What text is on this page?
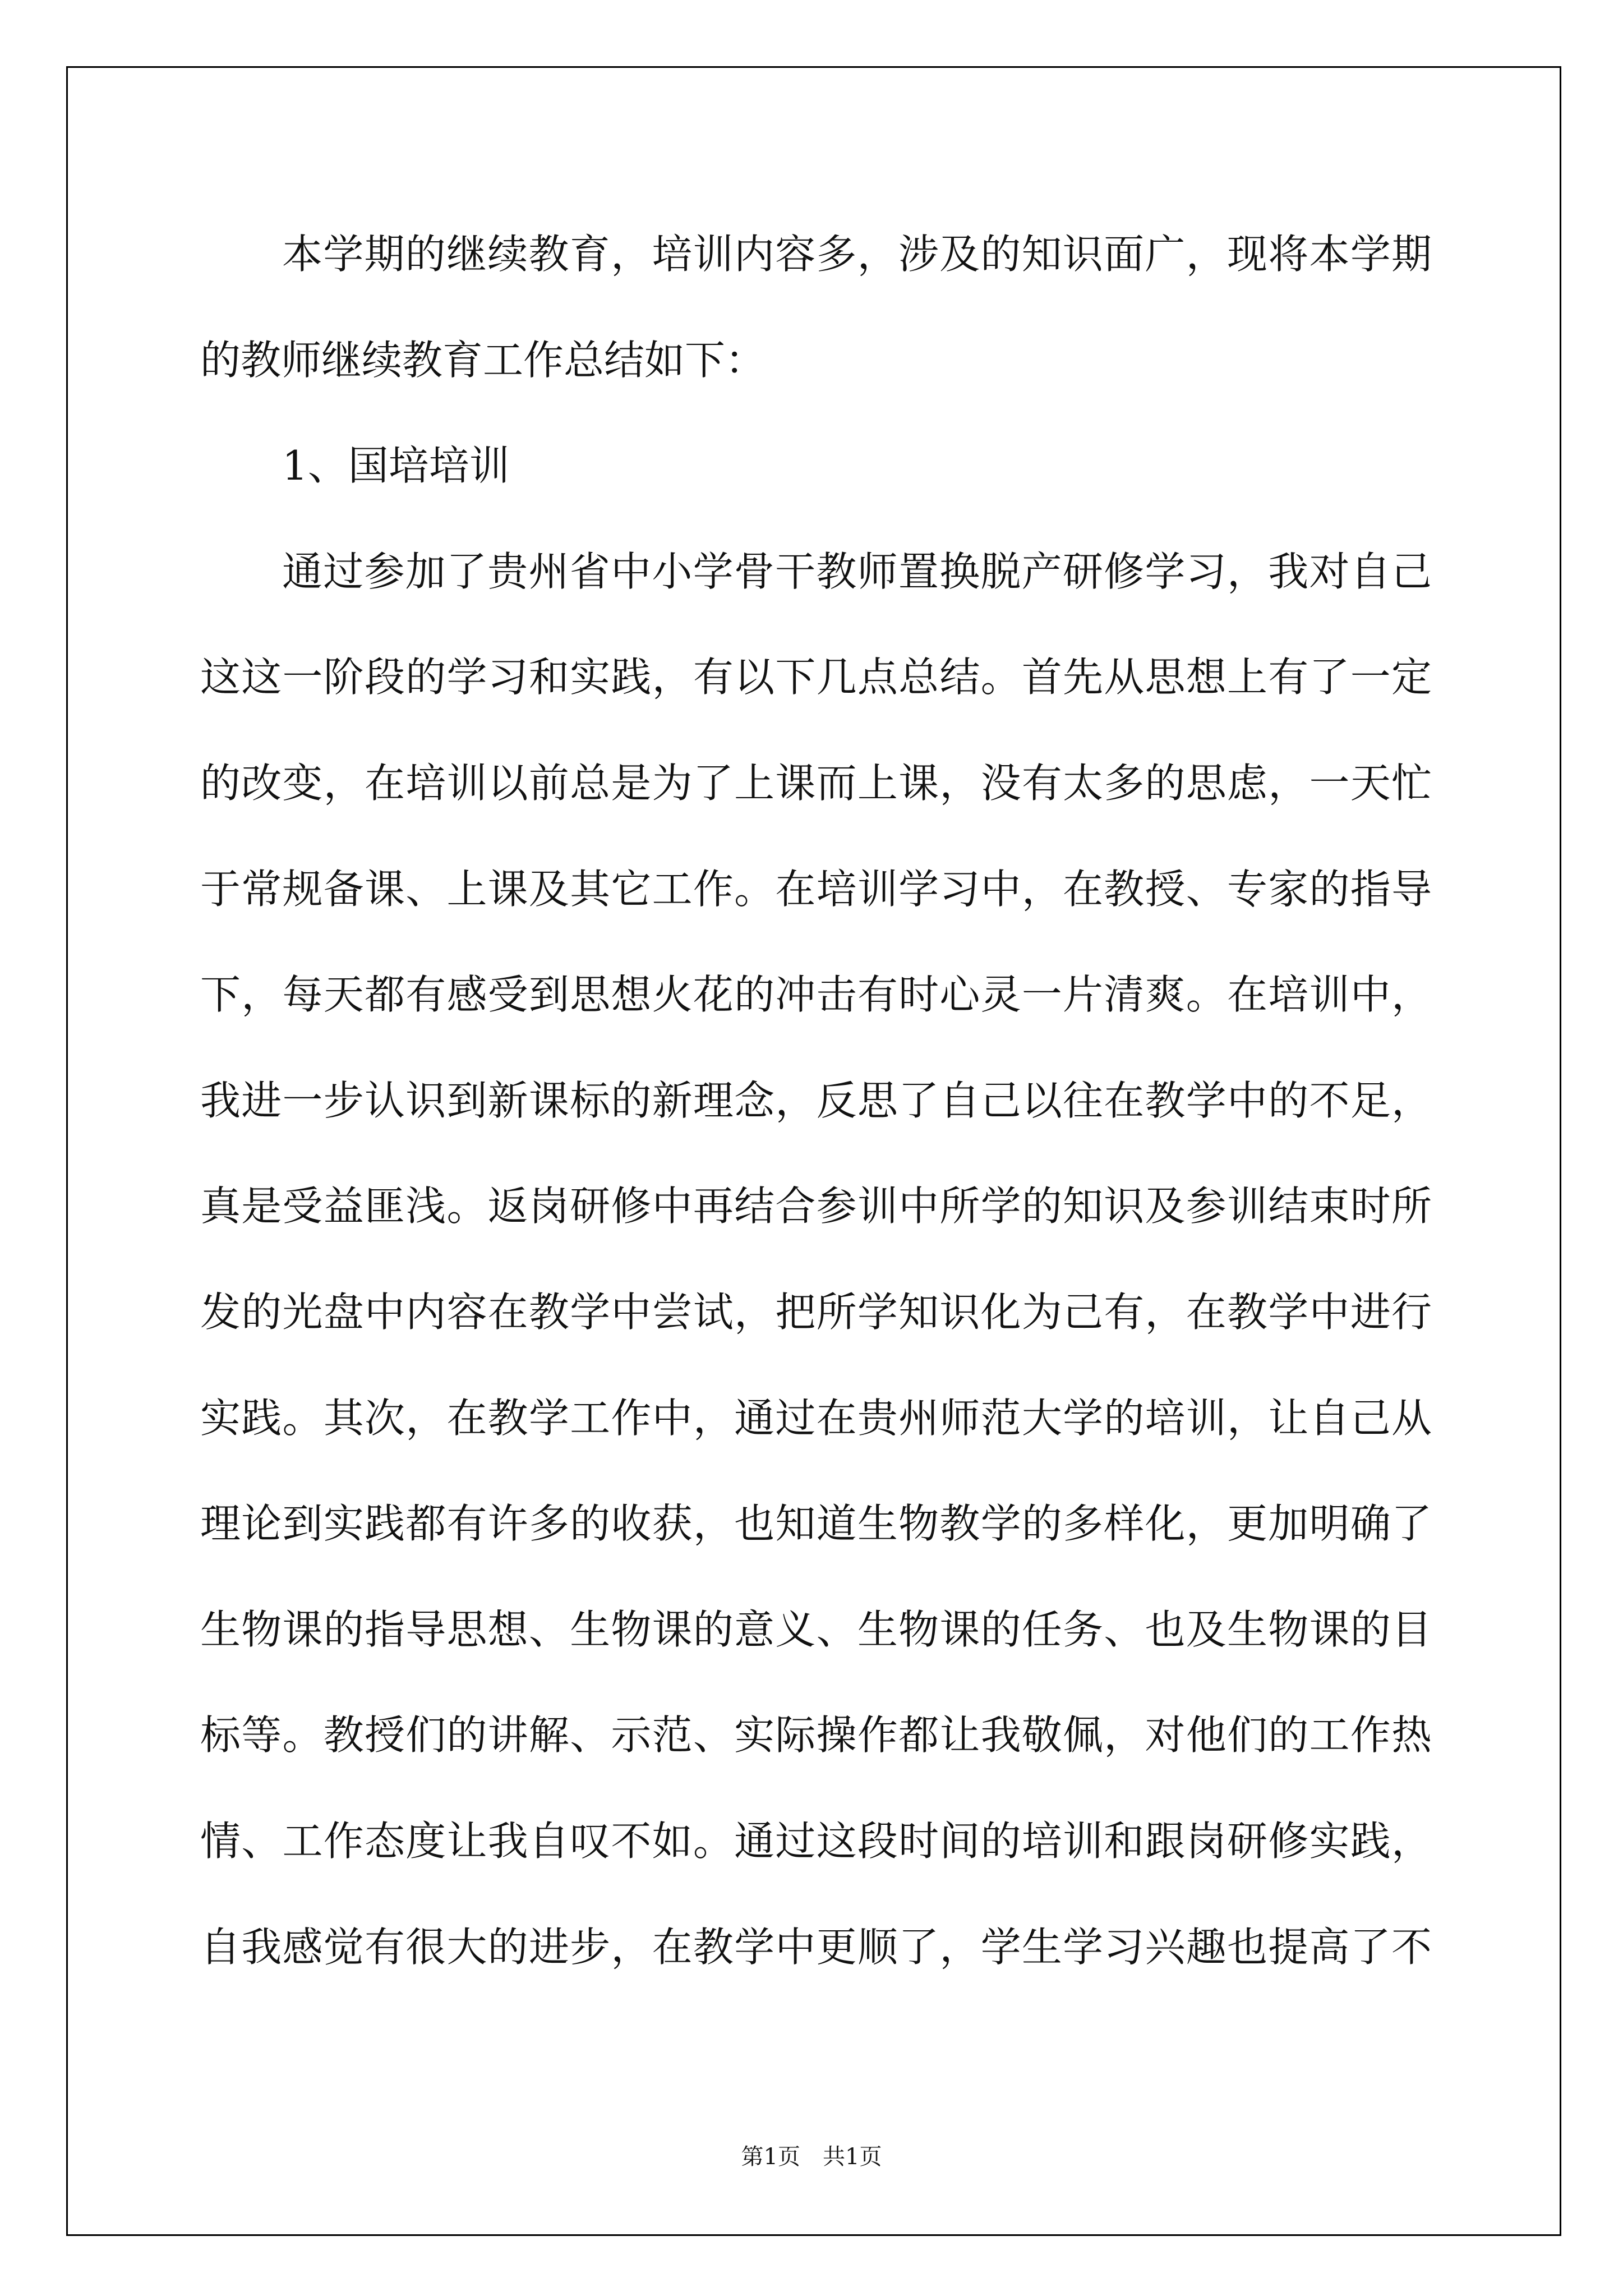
本学期的继续教育，培训内容多，涉及的知识面广，现将本学期
的教师继续教育工作总结如下：
1、国培培训
通过参加了贵州省中小学骨干教师置换脱产研修学习，我对自己
这这一阶段的学习和实践，有以下几点总结。首先从思想上有了一定
的改变，在培训以前总是为了上课而上课，没有太多的思虑，一天忙
于常规备课、上课及其它工作。在培训学习中，在教授、专家的指导
下，每天都有感受到思想火花的冲击有时心灵一片清爽。在培训中，
我进一步认识到新课标的新理念，反思了自己以往在教学中的不足，
真是受益匪浅。返岗研修中再结合参训中所学的知识及参训结束时所
发的光盘中内容在教学中尝试，把所学知识化为己有，在教学中进行
实践。其次，在教学工作中，通过在贵州师范大学的培训，让自己从
理论到实践都有许多的收获，也知道生物教学的多样化，更加明确了
生物课的指导思想、生物课的意义、生物课的任务、也及生物课的目
标等。教授们的讲解、示范、实际操作都让我敬佩，对他们的工作热
情、工作态度让我自叹不如。通过这段时间的培训和跟岗研修实践，
自我感觉有很大的进步，在教学中更顺了，学生学习兴趣也提高了不
第1页　共1页
